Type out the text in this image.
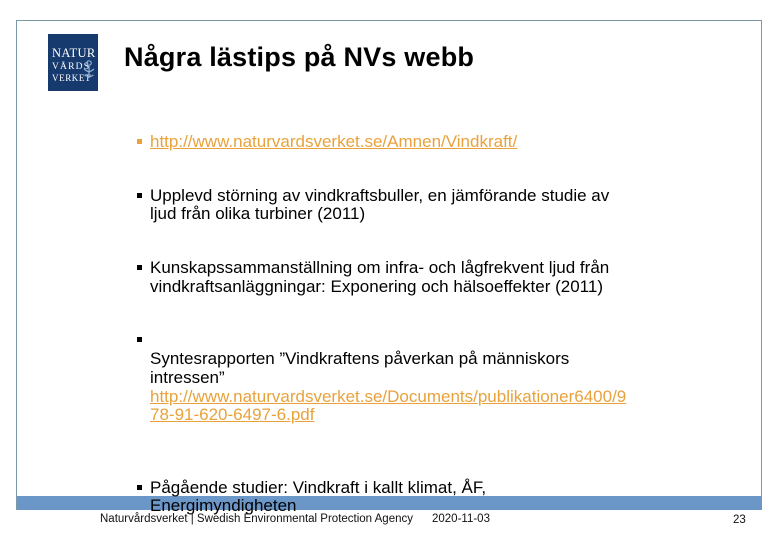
NATUR
VÅRDS
VERKET
Några lästips på NVs webb
http://www.naturvardsverket.se/Amnen/Vindkraft/
Upplevd störning av vindkraftsbuller, en jämförande studie av
ljud från olika turbiner (2011)
Kunskapssammanställning om infra- och lågfrekvent ljud från
vindkraftsanläggningar: Exponering och hälsoeffekter (2011)

Syntesrapporten ”Vindkraftens påverkan på människors
intressen”

http://www.naturvardsverket.se/Documents/publikationer6400/9
78-91-620-6497-6.pdf

Pågående studier: Vindkraft i kallt klimat, ÅF,
Energimyndigheten
Naturvårdsverket | Swedish Environmental Protection Agency 2020-11-03	23
